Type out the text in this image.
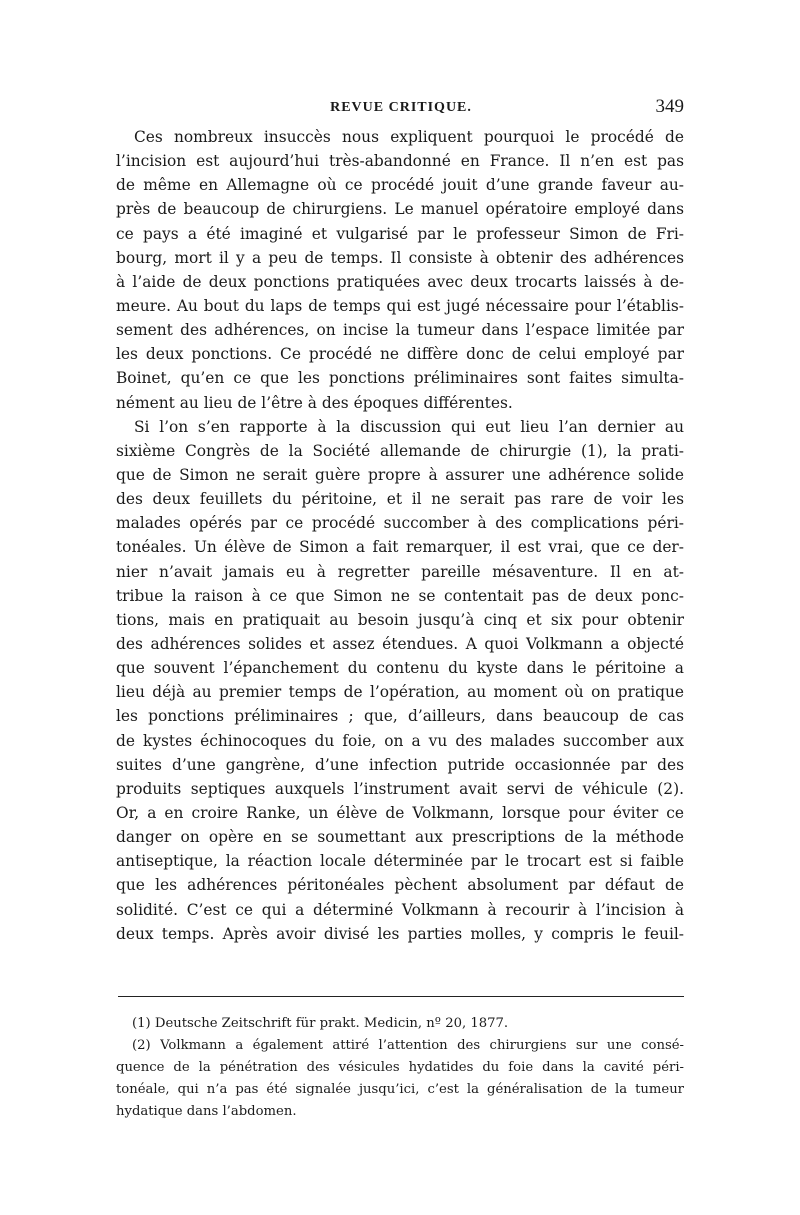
REVUE CRITIQUE.	349
Ces nombreux insuccès nous expliquent pourquoi le procédé de
l’incision est aujourd’hui très-abandonné en France. Il n’en est pas
de même en Allemagne où ce procédé jouit d’une grande faveur au-
près de beaucoup de chirurgiens. Le manuel opératoire employé dans
ce pays a été imaginé et vulgarisé par le professeur Simon de Fri-
bourg, mort il y a peu de temps. Il consiste à obtenir des adhérences
à l’aide de deux ponctions pratiquées avec deux trocarts laissés à de-
meure. Au bout du laps de temps qui est jugé nécessaire pour l’établis-
sement des adhérences, on incise la tumeur dans l’espace limitée par
les deux ponctions. Ce procédé ne diffère donc de celui employé par
Boinet, qu’en ce que les ponctions préliminaires sont faites simulta-
nément au lieu de l’être à des époques différentes.
Si l’on s’en rapporte à la discussion qui eut lieu l’an dernier au
sixième Congrès de la Société allemande de chirurgie (1), la prati-
que de Simon ne serait guère propre à assurer une adhérence solide
des deux feuillets du péritoine, et il ne serait pas rare de voir les
malades opérés par ce procédé succomber à des complications péri-
tonéales. Un élève de Simon a fait remarquer, il est vrai, que ce der-
nier n’avait jamais eu à regretter pareille mésaventure. Il en at-
tribue la raison à ce que Simon ne se contentait pas de deux ponc-
tions, mais en pratiquait au besoin jusqu’à cinq et six pour obtenir
des adhérences solides et assez étendues. A quoi Volkmann a objecté
que souvent l’épanchement du contenu du kyste dans le péritoine a
lieu déjà au premier temps de l’opération, au moment où on pratique
les ponctions préliminaires ; que, d’ailleurs, dans beaucoup de cas
de kystes échinocoques du foie, on a vu des malades succomber aux
suites d’une gangrène, d’une infection putride occasionnée par des
produits septiques auxquels l’instrument avait servi de véhicule (2).
Or, a en croire Ranke, un élève de Volkmann, lorsque pour éviter ce
danger on opère en se soumettant aux prescriptions de la méthode
antiseptique, la réaction locale déterminée par le trocart est si faible
que les adhérences péritonéales pèchent absolument par défaut de
solidité. C’est ce qui a déterminé Volkmann à recourir à l’incision à
deux temps. Après avoir divisé les parties molles, y compris le feuil-
(1) Deutsche Zeitschrift für prakt. Medicin, nº 20, 1877.
(2) Volkmann a également attiré l’attention des chirurgiens sur une consé-
quence de la pénétration des vésicules hydatides du foie dans la cavité péri-
tonéale, qui n’a pas été signalée jusqu’ici, c’est la généralisation de la tumeur
hydatique dans l’abdomen.
